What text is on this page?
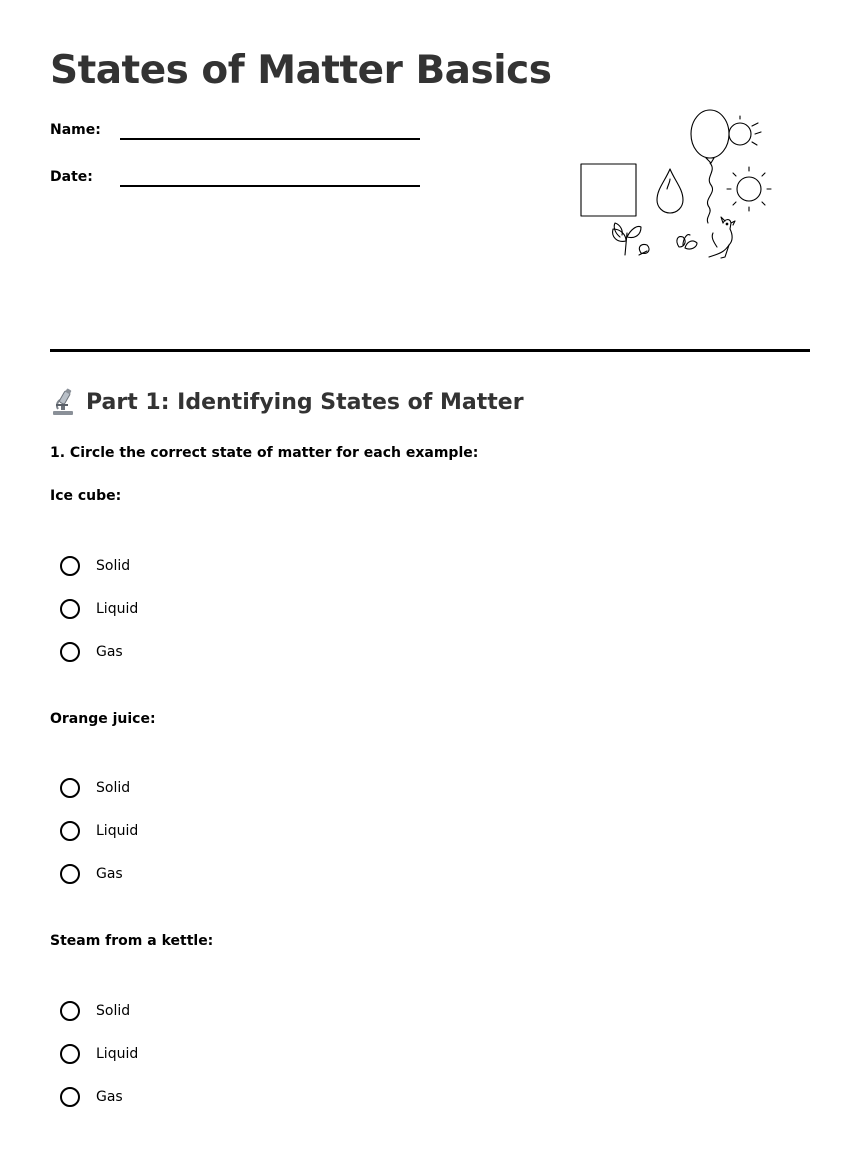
States of Matter Basics
Name:
Date:
Part 1: Identifying States of Matter
1. Circle the correct state of matter for each example:
Ice cube:
Solid
Liquid
Gas
Orange juice:
Solid
Liquid
Gas
Steam from a kettle:
Solid
Liquid
Gas
